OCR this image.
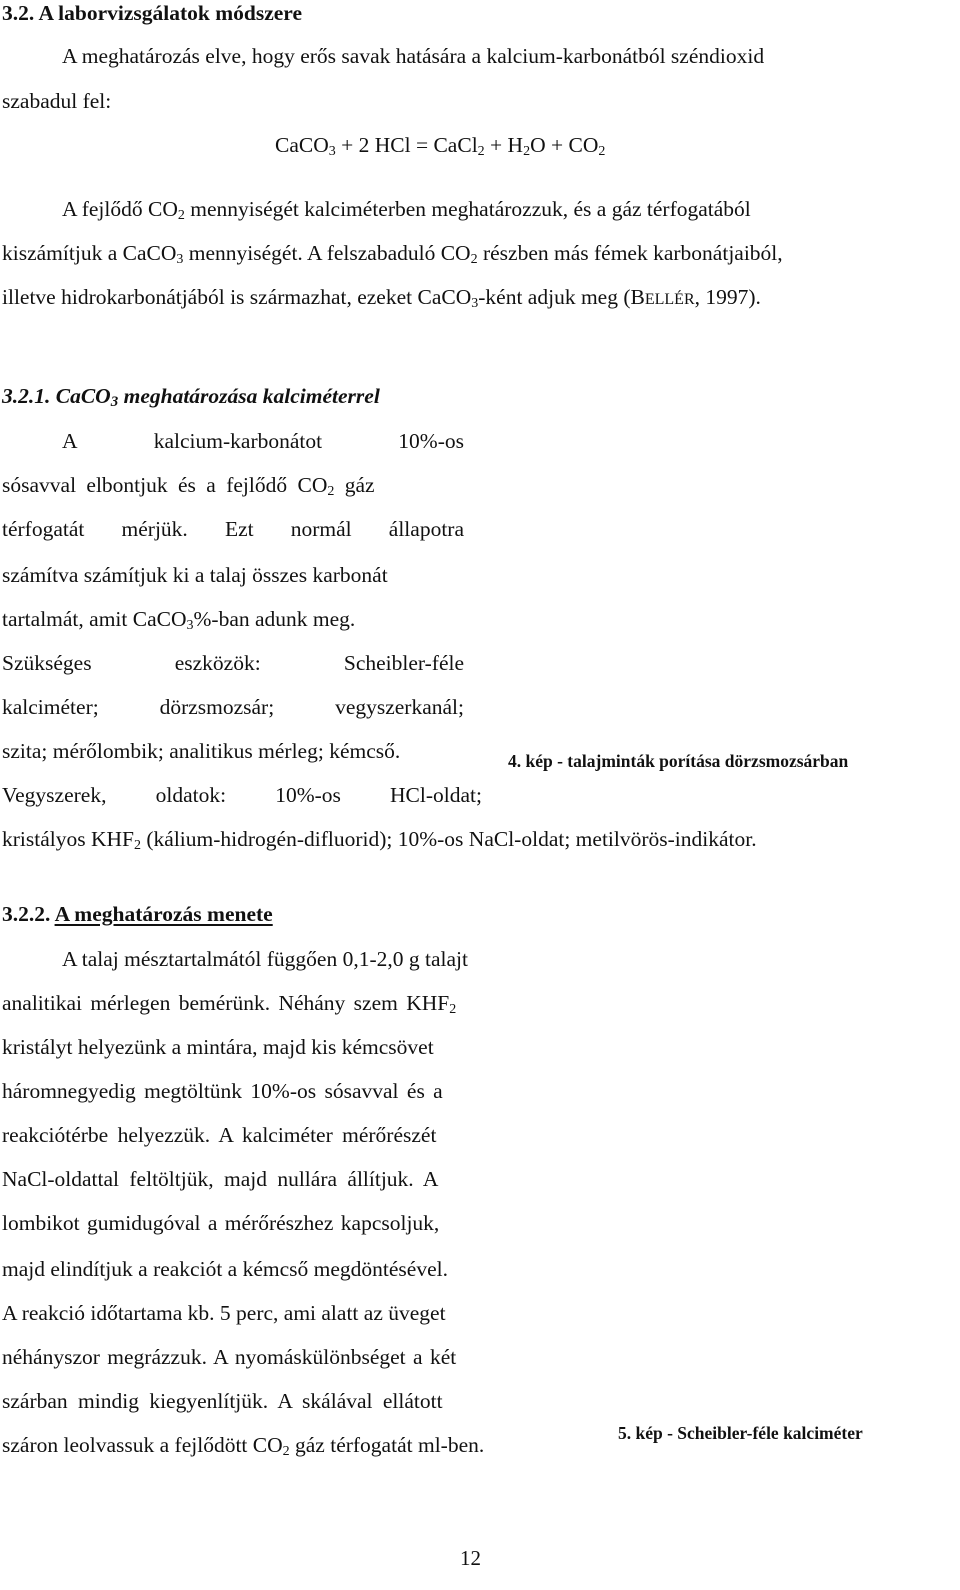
3.2. A laborvizsgálatok módszere
A meghatározás elve, hogy erős savak hatására a kalcium-karbonátból széndioxid
szabadul fel:
CaCO$_3$ + 2 HCl = CaCl$_2$ + $H_2O + CO_2$
A fejlődő $CO_2$ mennyiségét kalciméterben meghatározzuk, és a gáz térfogatából
kiszámítjuk a CaCO$_3$ mennyiségét. A felszabaduló $CO_2$ részben más fémek karbonátjaiból,
illetve hidrokarbonátjából is származhat, ezeket CaCO$_3$-ként adjuk meg (BELLÉR, 1997).
3.2.1. CaCO$_3$ meghatározása kalciméterrel
A	kalcium-karbonátot	10%-os
sósavval elbontjuk és a fejlődő $CO_2$ gáz
térfogatát mérjük. Ezt normál állapotra
számítva számítjuk ki a talaj összes karbonát
tartalmát, amit CaCO$_3$%-ban adunk meg.
Szükséges	eszközök:	Scheibler-féle
kalciméter;	dörzsmozsár;	vegyszerkanál;
szita; mérőlombik; analitikus mérleg; kémcső.	4. kép - talajminták porítása dörzsmozsárban
Vegyszerek, oldatok: 10%-os HCl-oldat;
kristályos $KHF_2$ (kálium-hidrogén-difluorid); 10%-os NaCl-oldat; metilvörös-indikátor.
3.2.2. A meghatározás menete
A talaj mésztartalmától függően 0,1-2,0 g talajt
analitikai mérlegen bemérünk. Néhány szem $KHF_2$
kristályt helyezünk a mintára, majd kis kémcsövet
háromnegyedig megtöltünk 10%-os sósavval és a
reakciótérbe helyezzük. A kalciméter mérőrészét
NaCl-oldattal feltöltjük, majd nullára állítjuk. A
lombikot gumidugóval a mérőrészhez kapcsoljuk,
majd elindítjuk a reakciót a kémcső megdöntésével.
A reakció időtartama kb. 5 perc, ami alatt az üveget
néhányszor megrázzuk. A nyomáskülönbséget a két
szárban mindig kiegyenlítjük. A skálával ellátott
száron leolvassuk a fejlődött $CO_2$ gáz térfogatát ml-ben.	5. kép - Scheibler-féle kalciméter
12
